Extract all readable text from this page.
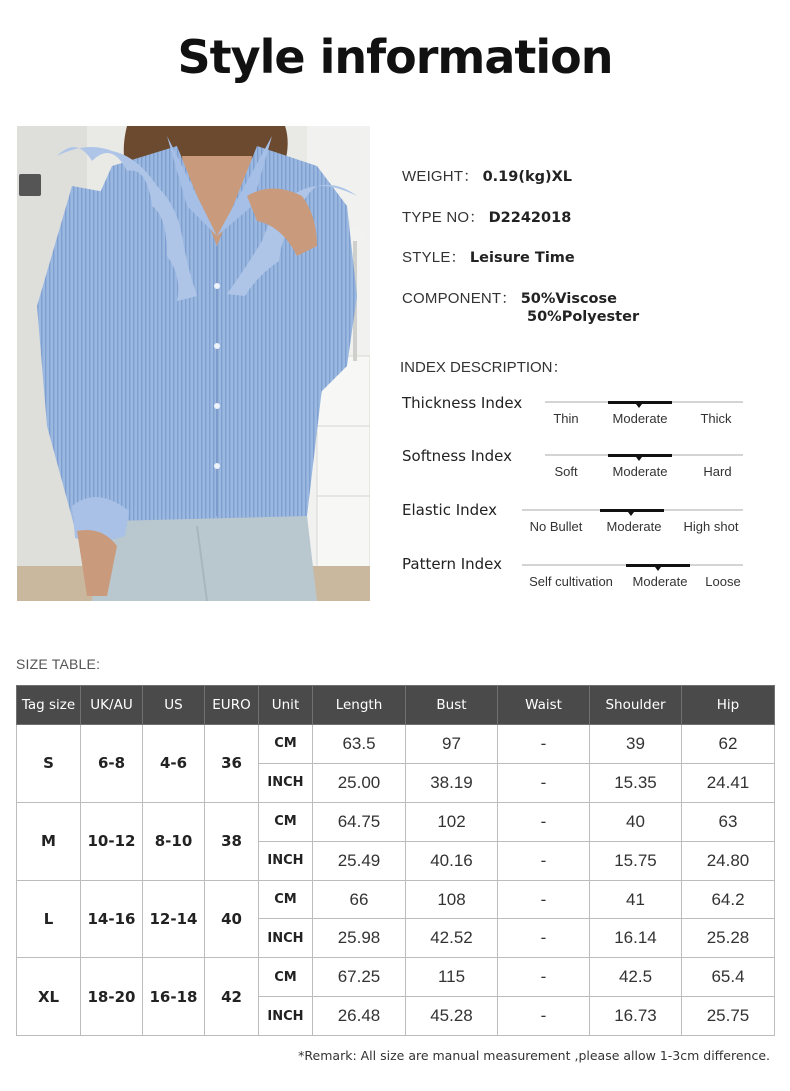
Style information
WEIGHT： 0.19(kg)XL
TYPE NO： D2242018
STYLE： Leisure Time
COMPONENT： 50%Viscose
50%Polyester
INDEX DESCRIPTION：
Thickness Index
Thin	Moderate	Thick
Softness Index
Soft	Moderate	Hard
Elastic Index
No Bullet	Moderate	High shot
Pattern Index
Self cultivation	Moderate	Loose
SIZE TABLE:
Tag size	UK/AU	US	EURO	Unit	Length	Bust	Waist	Shoulder	Hip
S	6-8	4-6	36	CM	63.5	97	-	39	62
				INCH	25.00	38.19	-	15.35	24.41
M	10-12	8-10	38	CM	64.75	102	-	40	63
				INCH	25.49	40.16	-	15.75	24.80
L	14-16	12-14	40	CM	66	108	-	41	64.2
				INCH	25.98	42.52	-	16.14	25.28
XL	18-20	16-18	42	CM	67.25	115	-	42.5	65.4
				INCH	26.48	45.28	-	16.73	25.75
*Remark: All size are manual measurement ,please allow 1-3cm difference.
